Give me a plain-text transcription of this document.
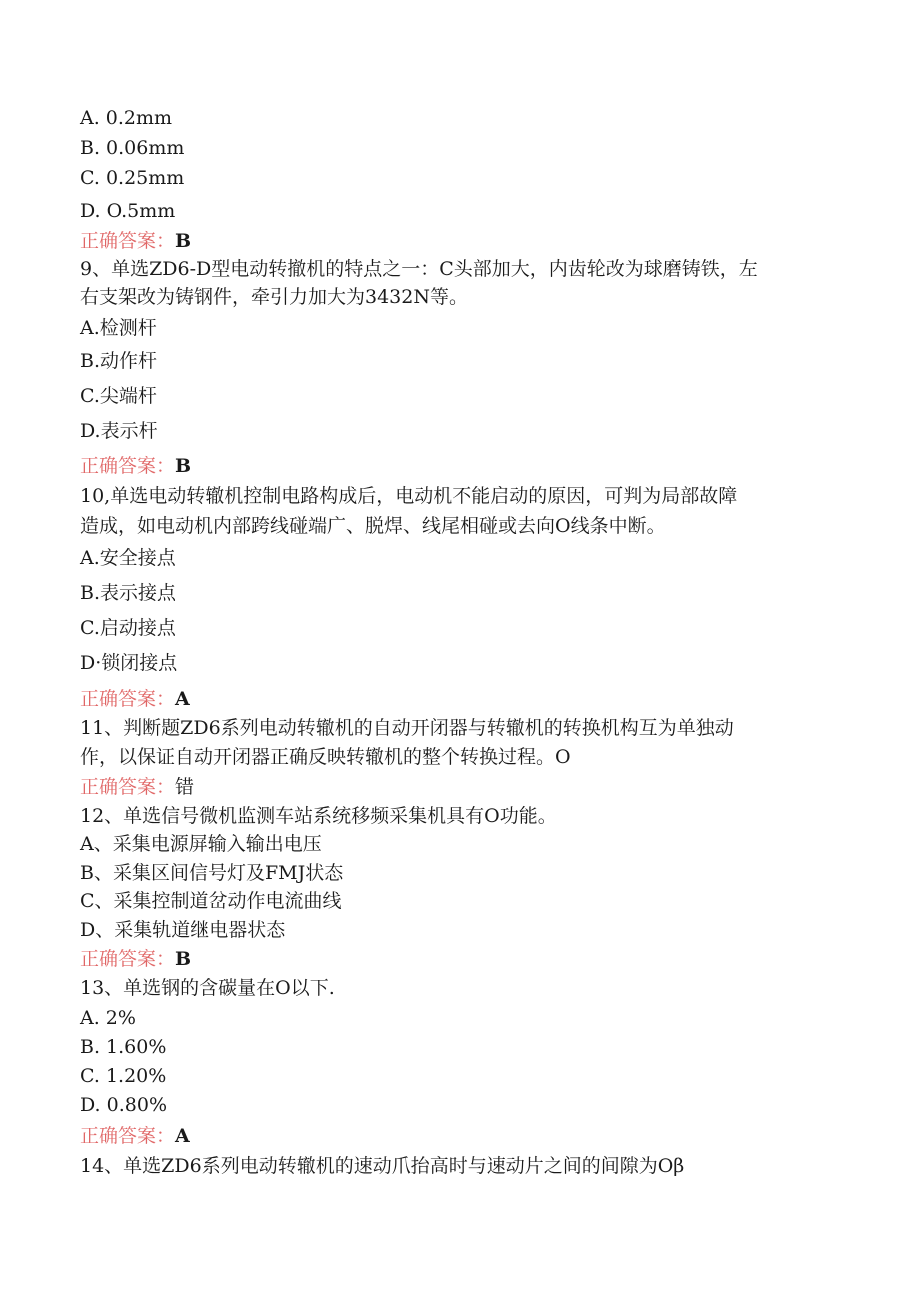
A. 0.2mm
B. 0.06mm
C. 0.25mm
D. O.5mm
正确答案：B
9、单选ZD6-D型电动转撤机的特点之一：C头部加大，内齿轮改为球磨铸铁，左
右支架改为铸钢件，牵引力加大为3432N等。
A.检测杆
B.动作杆
C.尖端杆
D.表示杆
正确答案：B
10,单选电动转辙机控制电路构成后，电动机不能启动的原因，可判为局部故障
造成，如电动机内部跨线碰端广、脱焊、线尾相碰或去向O线条中断。
A.安全接点
B.表示接点
C.启动接点
D·锁闭接点
正确答案：A
11、判断题ZD6系列电动转辙机的自动开闭器与转辙机的转换机构互为单独动
作，以保证自动开闭器正确反映转辙机的整个转换过程。O
正确答案：错
12、单选信号微机监测车站系统移频采集机具有O功能。
A、采集电源屏输入输出电压
B、采集区间信号灯及FMJ状态
C、采集控制道岔动作电流曲线
D、采集轨道继电器状态
正确答案：B
13、单选钢的含碳量在O以下.
A. 2%
B. 1.60%
C. 1.20%
D. 0.80%
正确答案：A
14、单选ZD6系列电动转辙机的速动爪抬高时与速动片之间的间隙为Oβ
